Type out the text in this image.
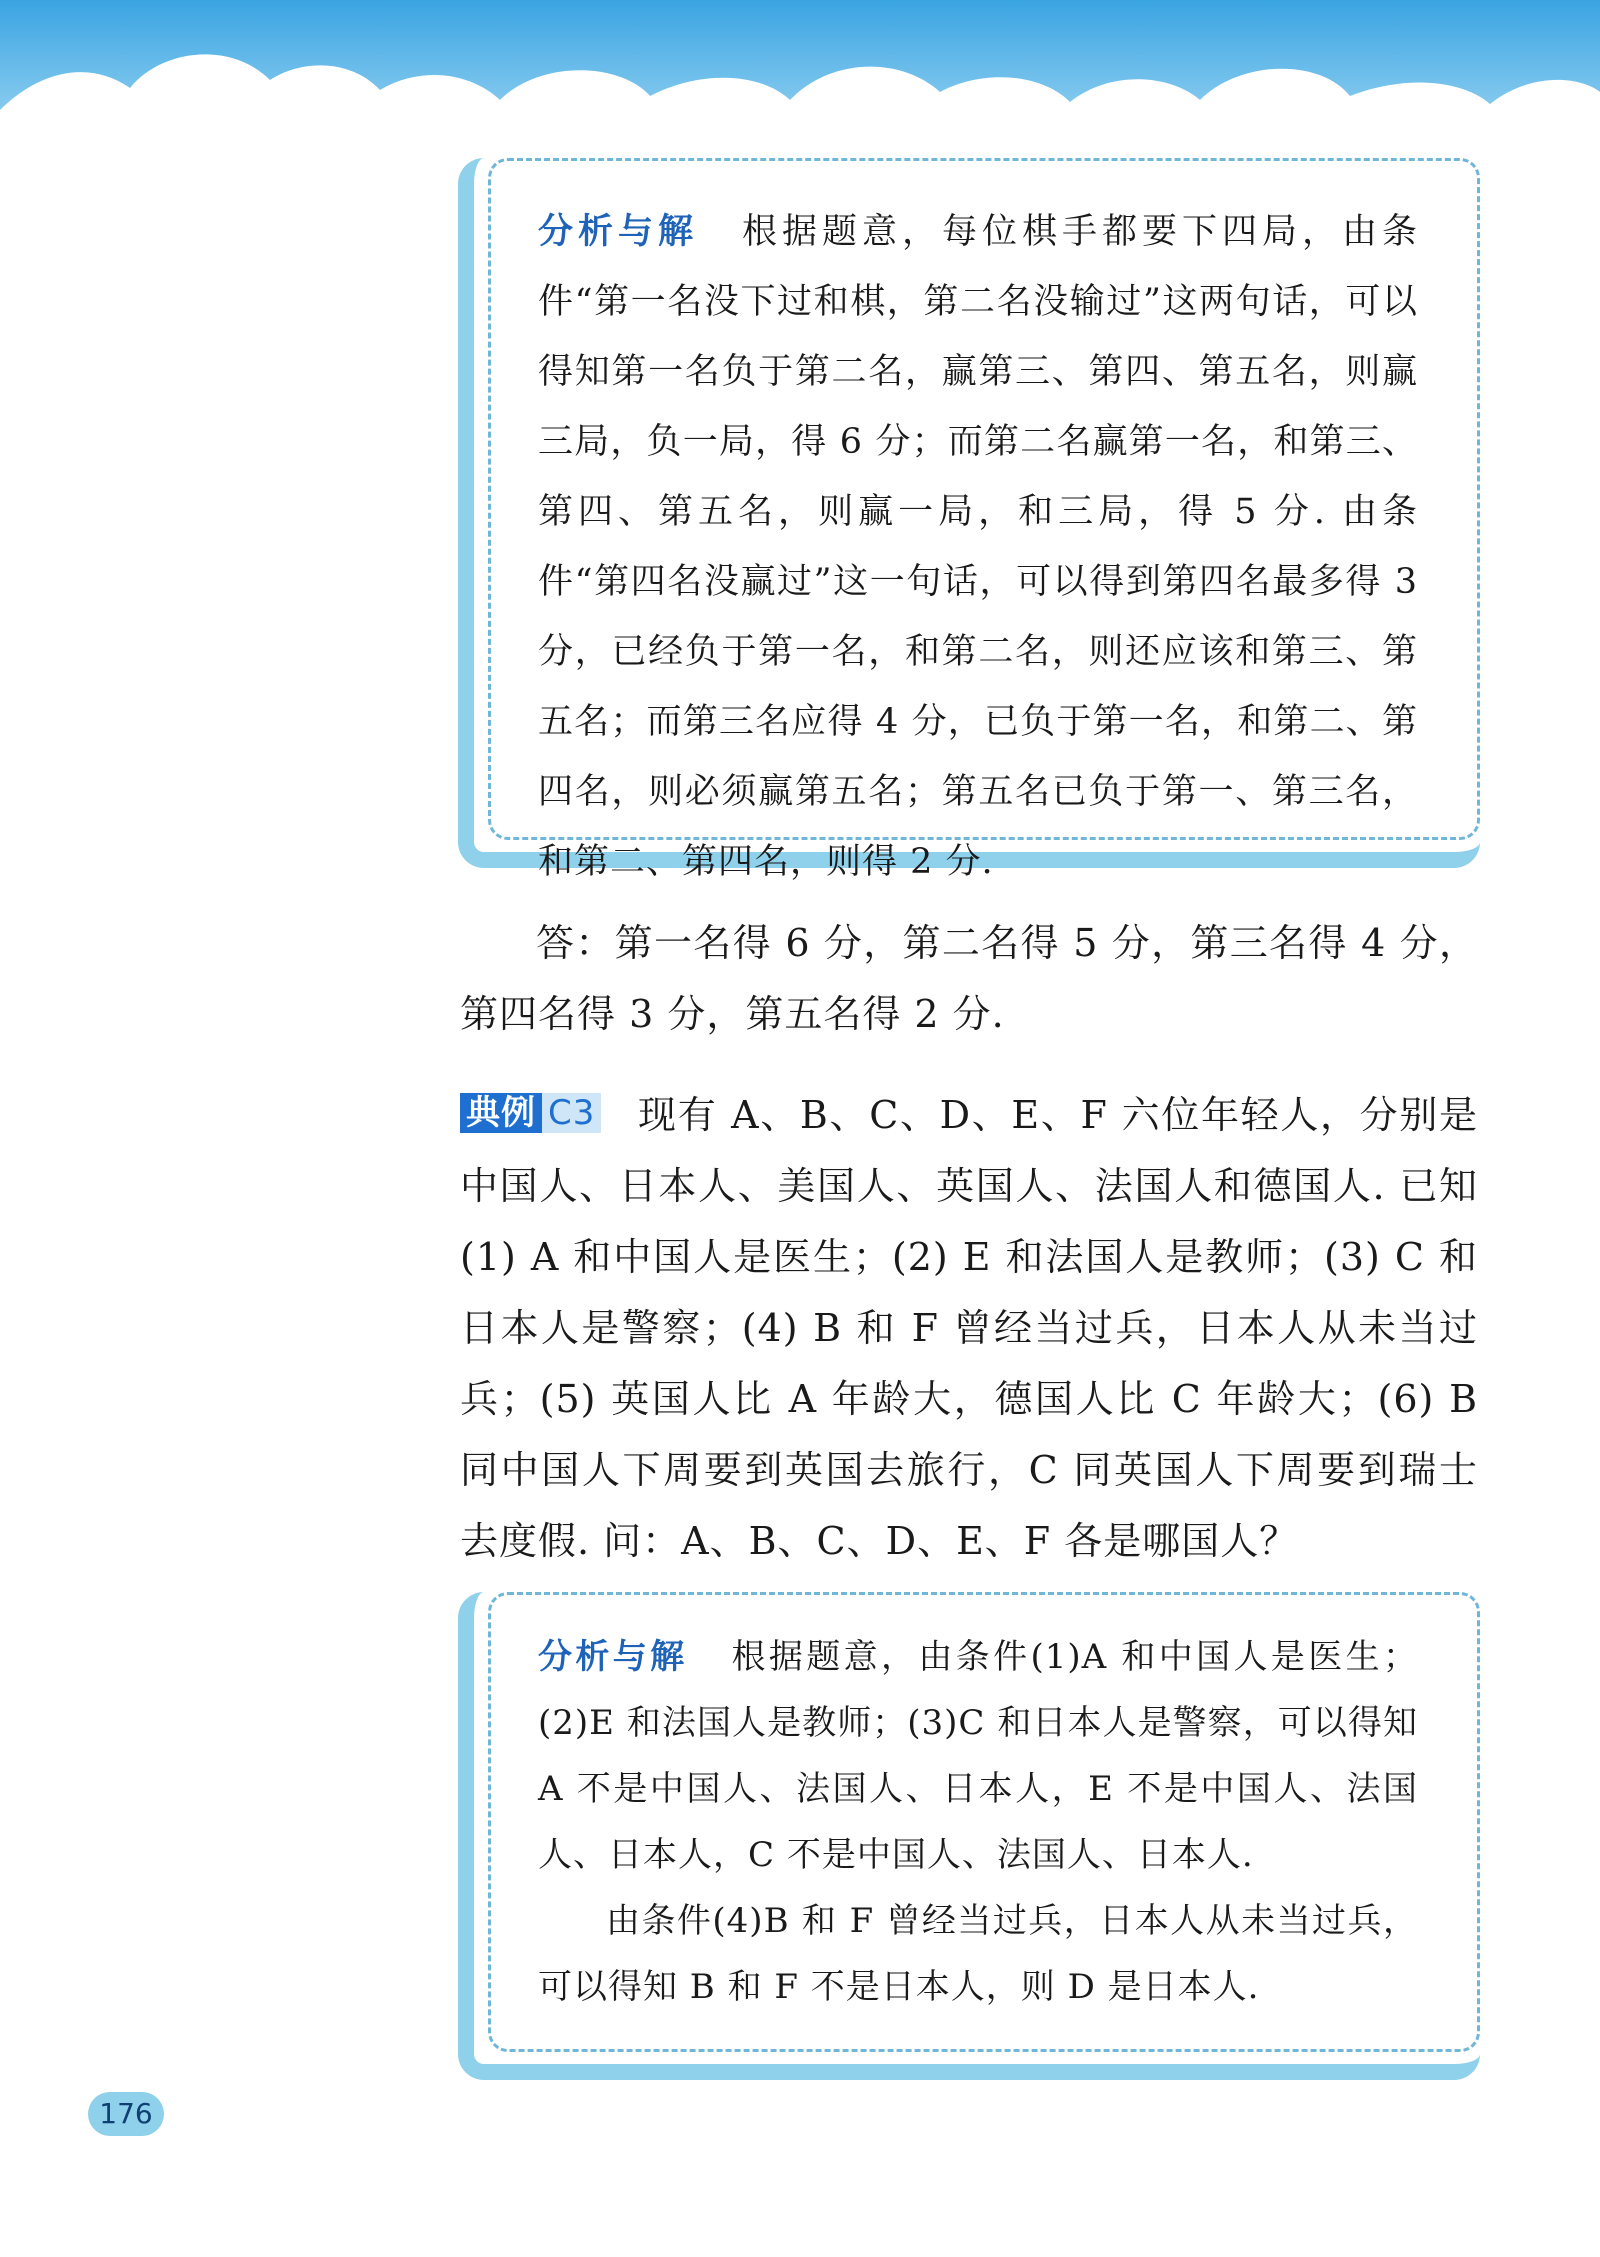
分析与解 根据题意，每位棋手都要下四局，由条件“第一名没下过和棋，第二名没输过”这两句话，可以得知第一名负于第二名，赢第三、第四、第五名，则赢三局，负一局，得 6 分；而第二名赢第一名，和第三、第四、第五名，则赢一局，和三局，得 5 分. 由条件“第四名没赢过”这一句话，可以得到第四名最多得 3 分，已经负于第一名，和第二名，则还应该和第三、第五名；而第三名应得 4 分，已负于第一名，和第二、第四名，则必须赢第五名；第五名已负于第一、第三名，和第二、第四名，则得 2 分.

答：第一名得 6 分，第二名得 5 分，第三名得 4 分，第四名得 3 分，第五名得 2 分.

典例 C3 现有 A、B、C、D、E、F 六位年轻人，分别是中国人、日本人、美国人、英国人、法国人和德国人. 已知(1) A 和中国人是医生；(2) E 和法国人是教师；(3) C 和日本人是警察；(4) B 和 F 曾经当过兵，日本人从未当过兵；(5) 英国人比 A 年龄大，德国人比 C 年龄大；(6) B 同中国人下周要到英国去旅行，C 同英国人下周要到瑞士去度假. 问：A、B、C、D、E、F 各是哪国人？

分析与解 根据题意，由条件(1)A 和中国人是医生；(2)E 和法国人是教师；(3)C 和日本人是警察，可以得知 A 不是中国人、法国人、日本人，E 不是中国人、法国人、日本人，C 不是中国人、法国人、日本人.

由条件(4)B 和 F 曾经当过兵，日本人从未当过兵，可以得知 B 和 F 不是日本人，则 D 是日本人.

176
